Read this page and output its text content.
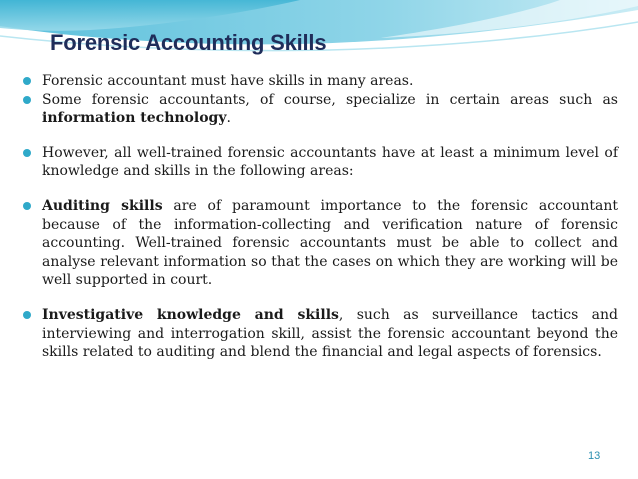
Forensic Accounting Skills
Forensic accountant must have skills in many areas.
Some forensic accountants, of course, specialize in certain areas such as information technology.
However, all well-trained forensic accountants have at least a minimum level of knowledge and skills in the following areas:
Auditing skills are of paramount importance to the forensic accountant because of the information-collecting and verification nature of forensic accounting. Well-trained forensic accountants must be able to collect and analyse relevant information so that the cases on which they are working will be well supported in court.
Investigative knowledge and skills, such as surveillance tactics and interviewing and interrogation skill, assist the forensic accountant beyond the skills related to auditing and blend the financial and legal aspects of forensics.
13
